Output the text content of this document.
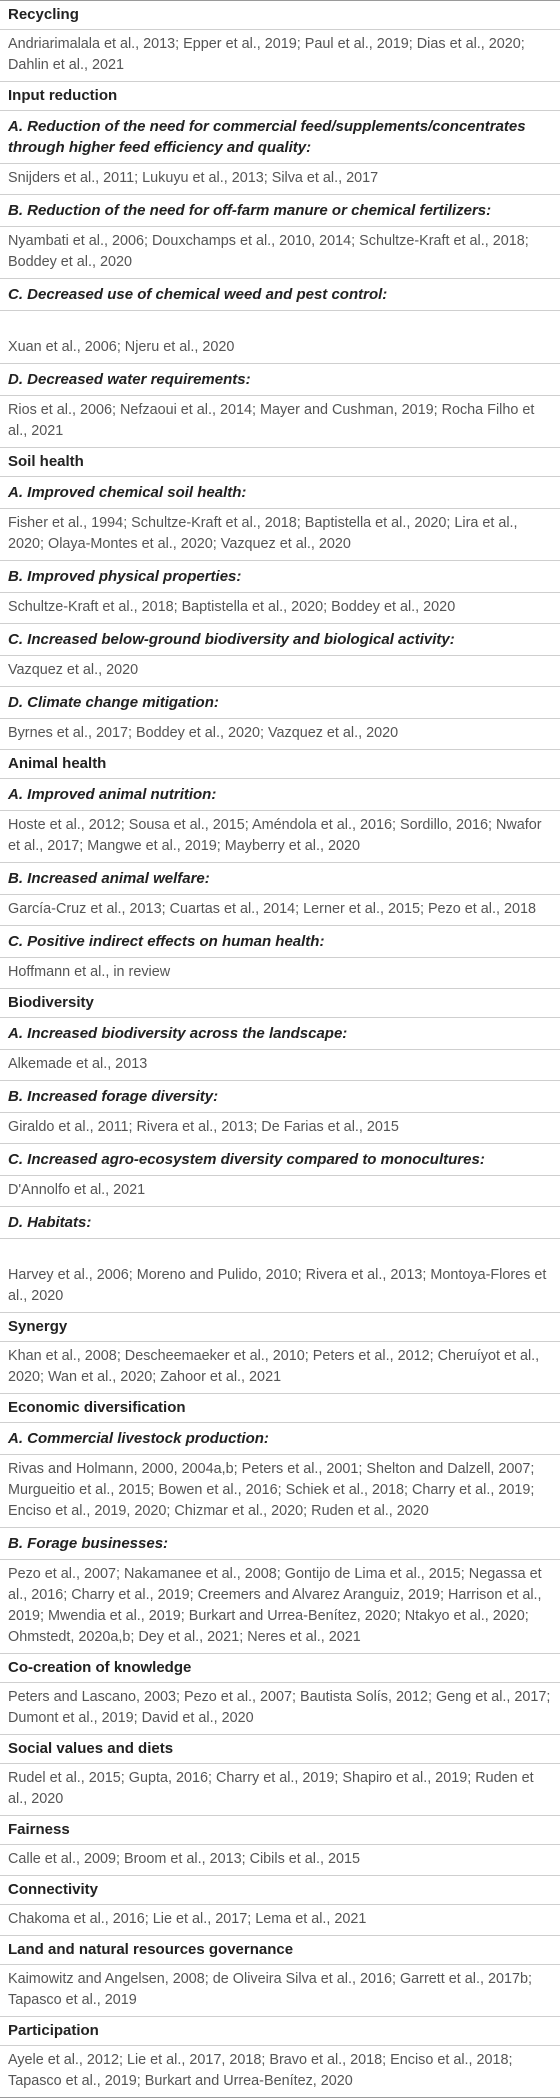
Recycling
Andriarimalala et al., 2013; Epper et al., 2019; Paul et al., 2019; Dias et al., 2020; Dahlin et al., 2021
Input reduction
A. Reduction of the need for commercial feed/supplements/concentrates through higher feed efficiency and quality:
Snijders et al., 2011; Lukuyu et al., 2013; Silva et al., 2017
B. Reduction of the need for off-farm manure or chemical fertilizers:
Nyambati et al., 2006; Douxchamps et al., 2010, 2014; Schultze-Kraft et al., 2018; Boddey et al., 2020
C. Decreased use of chemical weed and pest control:
Xuan et al., 2006; Njeru et al., 2020
D. Decreased water requirements:
Rios et al., 2006; Nefzaoui et al., 2014; Mayer and Cushman, 2019; Rocha Filho et al., 2021
Soil health
A. Improved chemical soil health:
Fisher et al., 1994; Schultze-Kraft et al., 2018; Baptistella et al., 2020; Lira et al., 2020; Olaya-Montes et al., 2020; Vazquez et al., 2020
B. Improved physical properties:
Schultze-Kraft et al., 2018; Baptistella et al., 2020; Boddey et al., 2020
C. Increased below-ground biodiversity and biological activity:
Vazquez et al., 2020
D. Climate change mitigation:
Byrnes et al., 2017; Boddey et al., 2020; Vazquez et al., 2020
Animal health
A. Improved animal nutrition:
Hoste et al., 2012; Sousa et al., 2015; Améndola et al., 2016; Sordillo, 2016; Nwafor et al., 2017; Mangwe et al., 2019; Mayberry et al., 2020
B. Increased animal welfare:
García-Cruz et al., 2013; Cuartas et al., 2014; Lerner et al., 2015; Pezo et al., 2018
C. Positive indirect effects on human health:
Hoffmann et al., in review
Biodiversity
A. Increased biodiversity across the landscape:
Alkemade et al., 2013
B. Increased forage diversity:
Giraldo et al., 2011; Rivera et al., 2013; De Farias et al., 2015
C. Increased agro-ecosystem diversity compared to monocultures:
D'Annolfo et al., 2021
D. Habitats:
Harvey et al., 2006; Moreno and Pulido, 2010; Rivera et al., 2013; Montoya-Flores et al., 2020
Synergy
Khan et al., 2008; Descheemaeker et al., 2010; Peters et al., 2012; Cheruíyot et al., 2020; Wan et al., 2020; Zahoor et al., 2021
Economic diversification
A. Commercial livestock production:
Rivas and Holmann, 2000, 2004a,b; Peters et al., 2001; Shelton and Dalzell, 2007; Murgueitio et al., 2015; Bowen et al., 2016; Schiek et al., 2018; Charry et al., 2019; Enciso et al., 2019, 2020; Chizmar et al., 2020; Ruden et al., 2020
B. Forage businesses:
Pezo et al., 2007; Nakamanee et al., 2008; Gontijo de Lima et al., 2015; Negassa et al., 2016; Charry et al., 2019; Creemers and Alvarez Aranguiz, 2019; Harrison et al., 2019; Mwendia et al., 2019; Burkart and Urrea-Benítez, 2020; Ntakyo et al., 2020; Ohmstedt, 2020a,b; Dey et al., 2021; Neres et al., 2021
Co-creation of knowledge
Peters and Lascano, 2003; Pezo et al., 2007; Bautista Solís, 2012; Geng et al., 2017; Dumont et al., 2019; David et al., 2020
Social values and diets
Rudel et al., 2015; Gupta, 2016; Charry et al., 2019; Shapiro et al., 2019; Ruden et al., 2020
Fairness
Calle et al., 2009; Broom et al., 2013; Cibils et al., 2015
Connectivity
Chakoma et al., 2016; Lie et al., 2017; Lema et al., 2021
Land and natural resources governance
Kaimowitz and Angelsen, 2008; de Oliveira Silva et al., 2016; Garrett et al., 2017b; Tapasco et al., 2019
Participation
Ayele et al., 2012; Lie et al., 2017, 2018; Bravo et al., 2018; Enciso et al., 2018; Tapasco et al., 2019; Burkart and Urrea-Benítez, 2020
